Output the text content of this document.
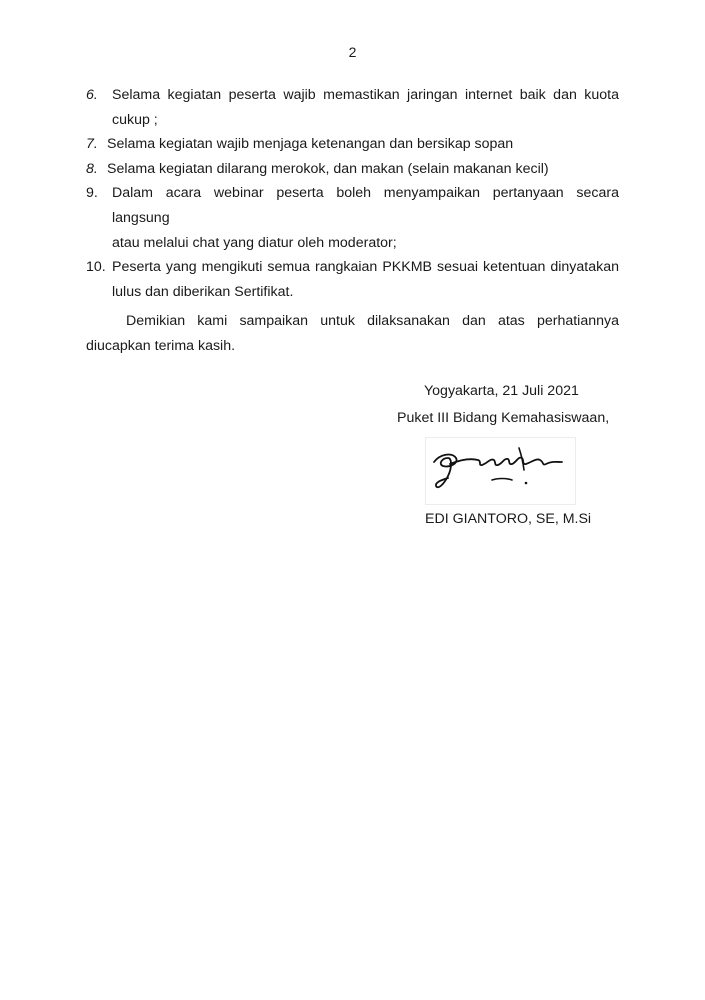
2
6. Selama kegiatan peserta wajib memastikan jaringan internet baik dan kuota
cukup ;
7. Selama kegiatan wajib menjaga ketenangan dan bersikap sopan
8. Selama kegiatan dilarang merokok, dan makan (selain makanan kecil)
9. Dalam acara webinar peserta boleh menyampaikan pertanyaan secara langsung
atau melalui chat yang diatur oleh moderator;
10. Peserta yang mengikuti semua rangkaian PKKMB sesuai ketentuan dinyatakan
lulus dan diberikan Sertifikat.
Demikian kami sampaikan untuk dilaksanakan dan atas perhatiannya
diucapkan terima kasih.
Yogyakarta, 21 Juli 2021
Puket III Bidang Kemahasiswaan,
EDI GIANTORO, SE, M.Si
